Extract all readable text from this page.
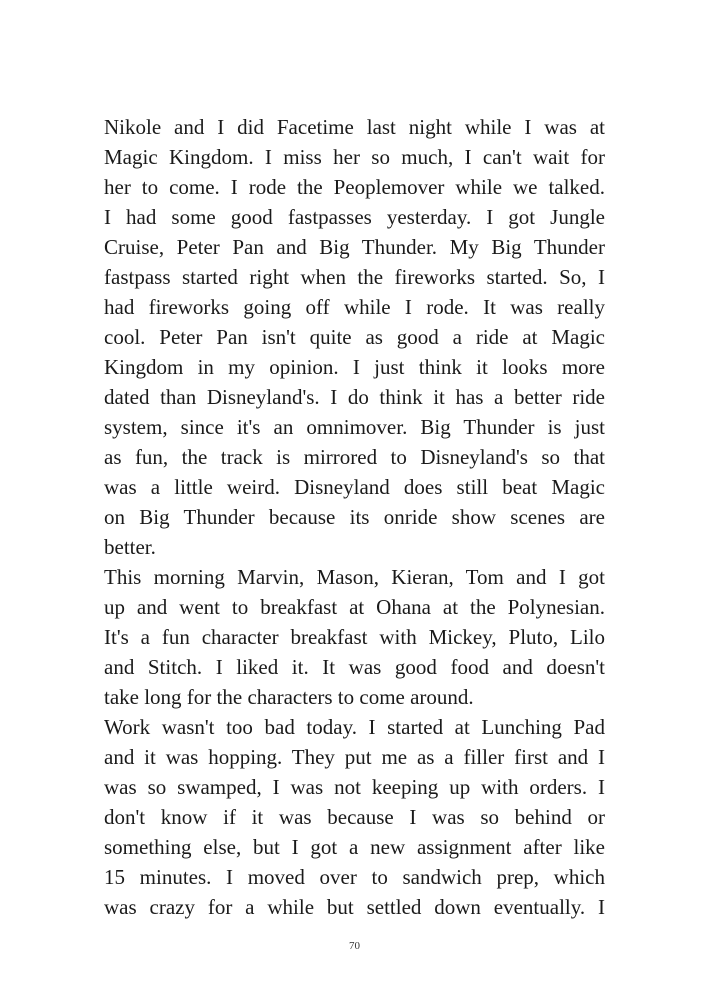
Nikole and I did Facetime last night while I was at
Magic Kingdom. I miss her so much, I can't wait for
her to come. I rode the Peoplemover while we talked.
I had some good fastpasses yesterday. I got Jungle
Cruise, Peter Pan and Big Thunder. My Big Thunder
fastpass started right when the fireworks started. So, I
had fireworks going off while I rode. It was really
cool. Peter Pan isn't quite as good a ride at Magic
Kingdom in my opinion. I just think it looks more
dated than Disneyland's. I do think it has a better ride
system, since it's an omnimover. Big Thunder is just
as fun, the track is mirrored to Disneyland's so that
was a little weird. Disneyland does still beat Magic
on Big Thunder because its onride show scenes are
better.
This morning Marvin, Mason, Kieran, Tom and I got
up and went to breakfast at Ohana at the Polynesian.
It's a fun character breakfast with Mickey, Pluto, Lilo
and Stitch. I liked it. It was good food and doesn't
take long for the characters to come around.
Work wasn't too bad today. I started at Lunching Pad
and it was hopping. They put me as a filler first and I
was so swamped, I was not keeping up with orders. I
don't know if it was because I was so behind or
something else, but I got a new assignment after like
15 minutes. I moved over to sandwich prep, which
was crazy for a while but settled down eventually. I
70
